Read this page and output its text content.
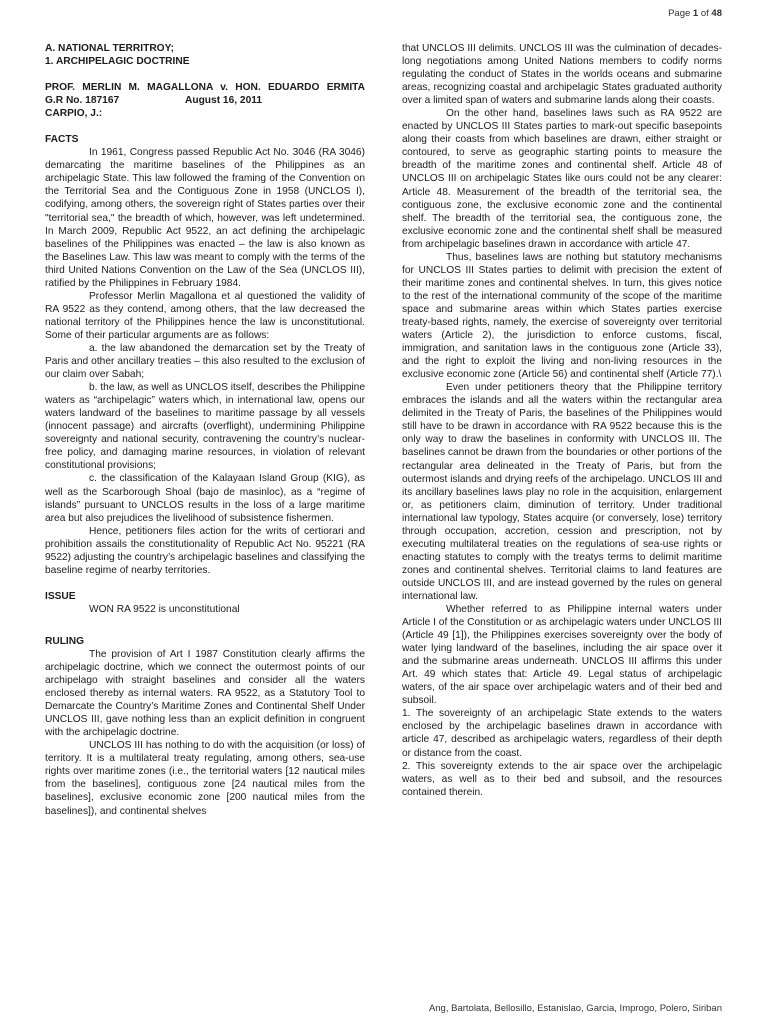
Page 1 of 48
A. NATIONAL TERRITROY;
1. ARCHIPELAGIC DOCTRINE
PROF. MERLIN M. MAGALLONA v. HON. EDUARDO ERMITA
G.R No. 187167	August 16, 2011
CARPIO, J.:

FACTS

In 1961, Congress passed Republic Act No. 3046 (RA 3046) demarcating the maritime baselines of the Philippines as an archipelagic State. This law followed the framing of the Convention on the Territorial Sea and the Contiguous Zone in 1958 (UNCLOS I), codifying, among others, the sovereign right of States parties over their "territorial sea," the breadth of which, however, was left undetermined. In March 2009, Republic Act 9522, an act defining the archipelagic baselines of the Philippines was enacted – the law is also known as the Baselines Law. This law was meant to comply with the terms of the third United Nations Convention on the Law of the Sea (UNCLOS III), ratified by the Philippines in February 1984.

Professor Merlin Magallona et al questioned the validity of RA 9522 as they contend, among others, that the law decreased the national territory of the Philippines hence the law is unconstitutional. Some of their particular arguments are as follows:

a. the law abandoned the demarcation set by the Treaty of Paris and other ancillary treaties – this also resulted to the exclusion of our claim over Sabah;

b. the law, as well as UNCLOS itself, describes the Philippine waters as “archipelagic” waters which, in international law, opens our waters landward of the baselines to maritime passage by all vessels (innocent passage) and aircrafts (overflight), undermining Philippine sovereignty and national security, contravening the country’s nuclear-free policy, and damaging marine resources, in violation of relevant constitutional provisions;

c. the classification of the Kalayaan Island Group (KIG), as well as the Scarborough Shoal (bajo de masinloc), as a “regime of islands” pursuant to UNCLOS results in the loss of a large maritime area but also prejudices the livelihood of subsistence fishermen.

Hence, petitioners files action for the writs of certiorari and prohibition assails the constitutionality of Republic Act No. 95221 (RA 9522) adjusting the country’s archipelagic baselines and classifying the baseline regime of nearby territories.

ISSUE

WON RA 9522 is unconstitutional

RULING

The provision of Art I 1987 Constitution clearly affirms the archipelagic doctrine, which we connect the outermost points of our archipelago with straight baselines and consider all the waters enclosed thereby as internal waters. RA 9522, as a Statutory Tool to Demarcate the Country’s Maritime Zones and Continental Shelf Under UNCLOS III, gave nothing less than an explicit definition in congruent with the archipelagic doctrine.

UNCLOS III has nothing to do with the acquisition (or loss) of territory. It is a multilateral treaty regulating, among others, sea-use rights over maritime zones (i.e., the territorial waters [12 nautical miles from the baselines], contiguous zone [24 nautical miles from the baselines], exclusive economic zone [200 nautical miles from the baselines]), and continental shelves

that UNCLOS III delimits. UNCLOS III was the culmination of decades-long negotiations among United Nations members to codify norms regulating the conduct of States in the worlds oceans and submarine areas, recognizing coastal and archipelagic States graduated authority over a limited span of waters and submarine lands along their coasts.

On the other hand, baselines laws such as RA 9522 are enacted by UNCLOS III States parties to mark-out specific basepoints along their coasts from which baselines are drawn, either straight or contoured, to serve as geographic starting points to measure the breadth of the maritime zones and continental shelf. Article 48 of UNCLOS III on archipelagic States like ours could not be any clearer: Article 48. Measurement of the breadth of the territorial sea, the contiguous zone, the exclusive economic zone and the continental shelf. The breadth of the territorial sea, the contiguous zone, the exclusive economic zone and the continental shelf shall be measured from archipelagic baselines drawn in accordance with article 47.

Thus, baselines laws are nothing but statutory mechanisms for UNCLOS III States parties to delimit with precision the extent of their maritime zones and continental shelves. In turn, this gives notice to the rest of the international community of the scope of the maritime space and submarine areas within which States parties exercise treaty-based rights, namely, the exercise of sovereignty over territorial waters (Article 2), the jurisdiction to enforce customs, fiscal, immigration, and sanitation laws in the contiguous zone (Article 33), and the right to exploit the living and non-living resources in the exclusive economic zone (Article 56) and continental shelf (Article 77).\

Even under petitioners theory that the Philippine territory embraces the islands and all the waters within the rectangular area delimited in the Treaty of Paris, the baselines of the Philippines would still have to be drawn in accordance with RA 9522 because this is the only way to draw the baselines in conformity with UNCLOS III. The baselines cannot be drawn from the boundaries or other portions of the rectangular area delineated in the Treaty of Paris, but from the outermost islands and drying reefs of the archipelago. UNCLOS III and its ancillary baselines laws play no role in the acquisition, enlargement or, as petitioners claim, diminution of territory. Under traditional international law typology, States acquire (or conversely, lose) territory through occupation, accretion, cession and prescription, not by executing multilateral treaties on the regulations of sea-use rights or enacting statutes to comply with the treatys terms to delimit maritime zones and continental shelves. Territorial claims to land features are outside UNCLOS III, and are instead governed by the rules on general international law.

Whether referred to as Philippine internal waters under Article I of the Constitution or as archipelagic waters under UNCLOS III (Article 49 [1]), the Philippines exercises sovereignty over the body of water lying landward of the baselines, including the air space over it and the submarine areas underneath. UNCLOS III affirms this under Art. 49 which states that: Article 49. Legal status of archipelagic waters, of the air space over archipelagic waters and of their bed and subsoil.

1. The sovereignty of an archipelagic State extends to the waters enclosed by the archipelagic baselines drawn in accordance with article 47, described as archipelagic waters, regardless of their depth or distance from the coast.

2. This sovereignty extends to the air space over the archipelagic waters, as well as to their bed and subsoil, and the resources contained therein.

Ang, Bartolata, Bellosillo, Estanislao, Garcia, Improgo, Polero, Siriban
